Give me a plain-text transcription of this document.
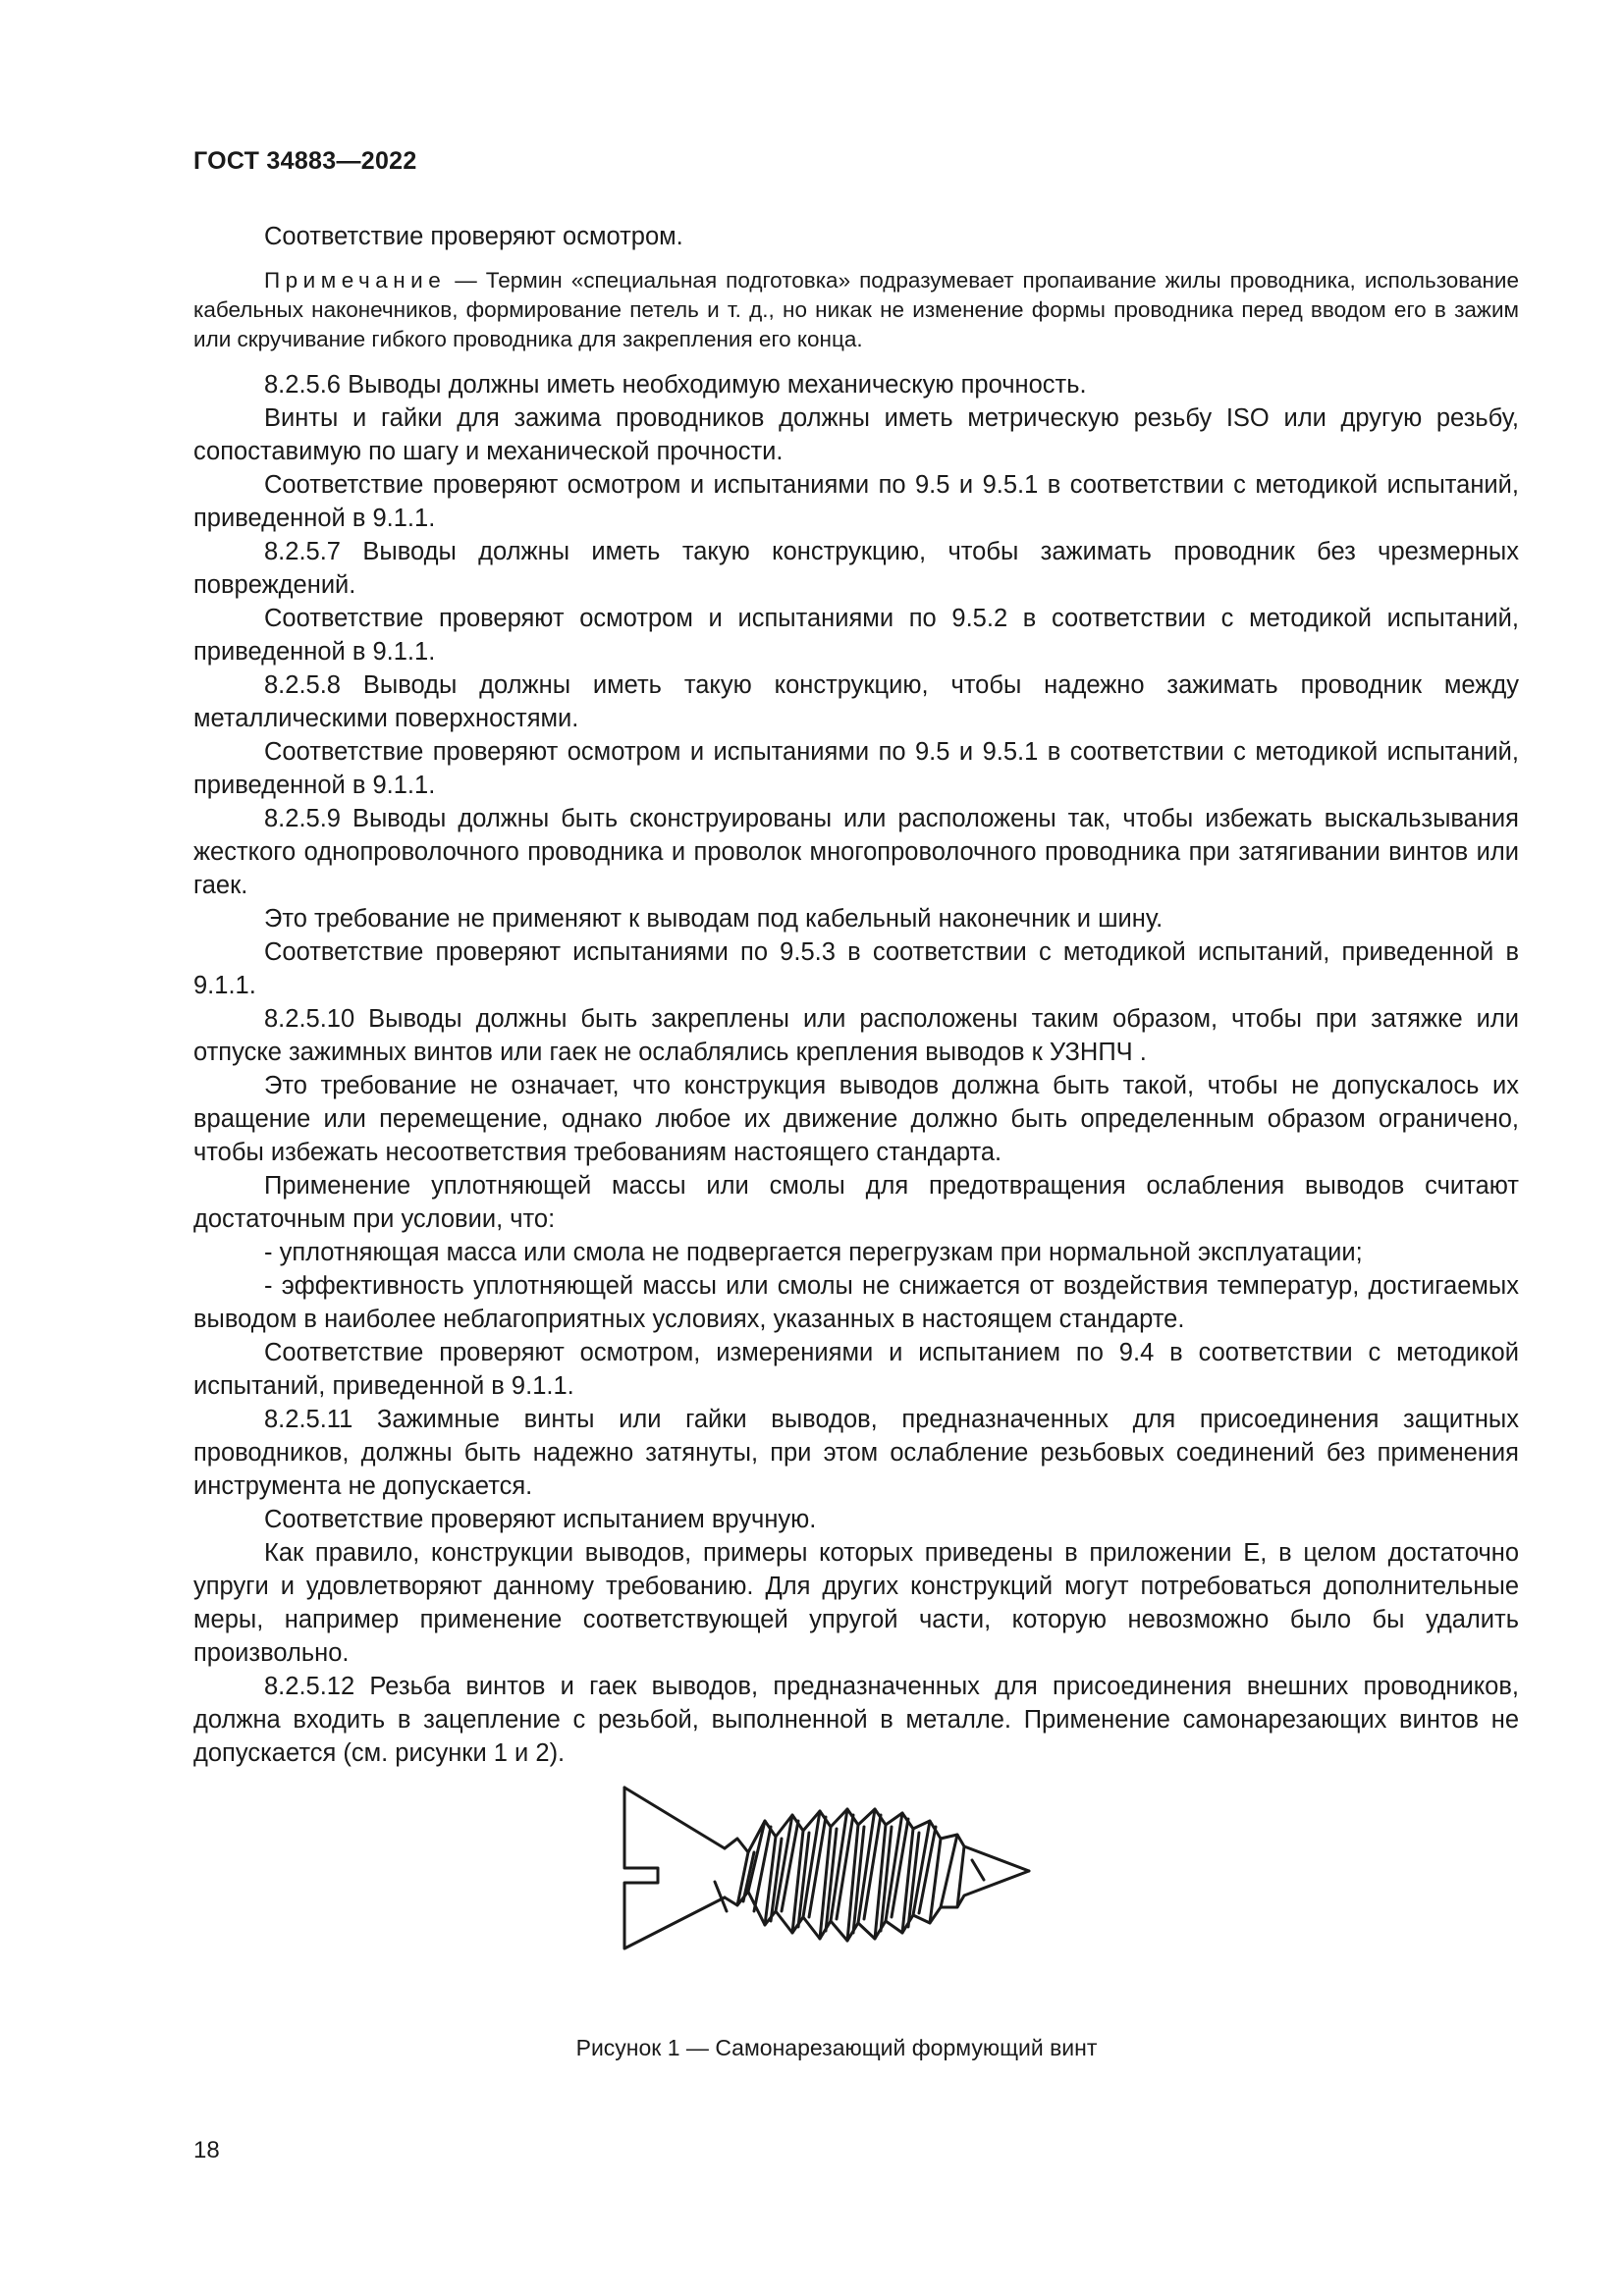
ГОСТ 34883—2022

Соответствие проверяют осмотром.

Примечание — Термин «специальная подготовка» подразумевает пропаивание жилы проводника, использование кабельных наконечников, формирование петель и т. д., но никак не изменение формы проводника перед вводом его в зажим или скручивание гибкого проводника для закрепления его конца.

8.2.5.6 Выводы должны иметь необходимую механическую прочность.

Винты и гайки для зажима проводников должны иметь метрическую резьбу ISO или другую резьбу, сопоставимую по шагу и механической прочности.

Соответствие проверяют осмотром и испытаниями по 9.5 и 9.5.1 в соответствии с методикой испытаний, приведенной в 9.1.1.

8.2.5.7 Выводы должны иметь такую конструкцию, чтобы зажимать проводник без чрезмерных повреждений.

Соответствие проверяют осмотром и испытаниями по 9.5.2 в соответствии с методикой испытаний, приведенной в 9.1.1.

8.2.5.8 Выводы должны иметь такую конструкцию, чтобы надежно зажимать проводник между металлическими поверхностями.

Соответствие проверяют осмотром и испытаниями по 9.5 и 9.5.1 в соответствии с методикой испытаний, приведенной в 9.1.1.

8.2.5.9 Выводы должны быть сконструированы или расположены так, чтобы избежать выскальзывания жесткого однопроволочного проводника и проволок многопроволочного проводника при затягивании винтов или гаек.

Это требование не применяют к выводам под кабельный наконечник и шину.

Соответствие проверяют испытаниями по 9.5.3 в соответствии с методикой испытаний, приведенной в 9.1.1.

8.2.5.10 Выводы должны быть закреплены или расположены таким образом, чтобы при затяжке или отпуске зажимных винтов или гаек не ослаблялись крепления выводов к УЗНПЧ .

Это требование не означает, что конструкция выводов должна быть такой, чтобы не допускалось их вращение или перемещение, однако любое их движение должно быть определенным образом ограничено, чтобы избежать несоответствия требованиям настоящего стандарта.

Применение уплотняющей массы или смолы для предотвращения ослабления выводов считают достаточным при условии, что:

- уплотняющая масса или смола не подвергается перегрузкам при нормальной эксплуатации;

- эффективность уплотняющей массы или смолы не снижается от воздействия температур, достигаемых выводом в наиболее неблагоприятных условиях, указанных в настоящем стандарте.

Соответствие проверяют осмотром, измерениями и испытанием по 9.4 в соответствии с методикой испытаний, приведенной в 9.1.1.

8.2.5.11 Зажимные винты или гайки выводов, предназначенных для присоединения защитных проводников, должны быть надежно затянуты, при этом ослабление резьбовых соединений без применения инструмента не допускается.

Соответствие проверяют испытанием вручную.

Как правило, конструкции выводов, примеры которых приведены в приложении Е, в целом достаточно упруги и удовлетворяют данному требованию. Для других конструкций могут потребоваться дополнительные меры, например применение соответствующей упругой части, которую невозможно было бы удалить произвольно.

8.2.5.12 Резьба винтов и гаек выводов, предназначенных для присоединения внешних проводников, должна входить в зацепление с резьбой, выполненной в металле. Применение самонарезающих винтов не допускается (см. рисунки 1 и 2).

Рисунок 1 — Самонарезающий формующий винт
18
